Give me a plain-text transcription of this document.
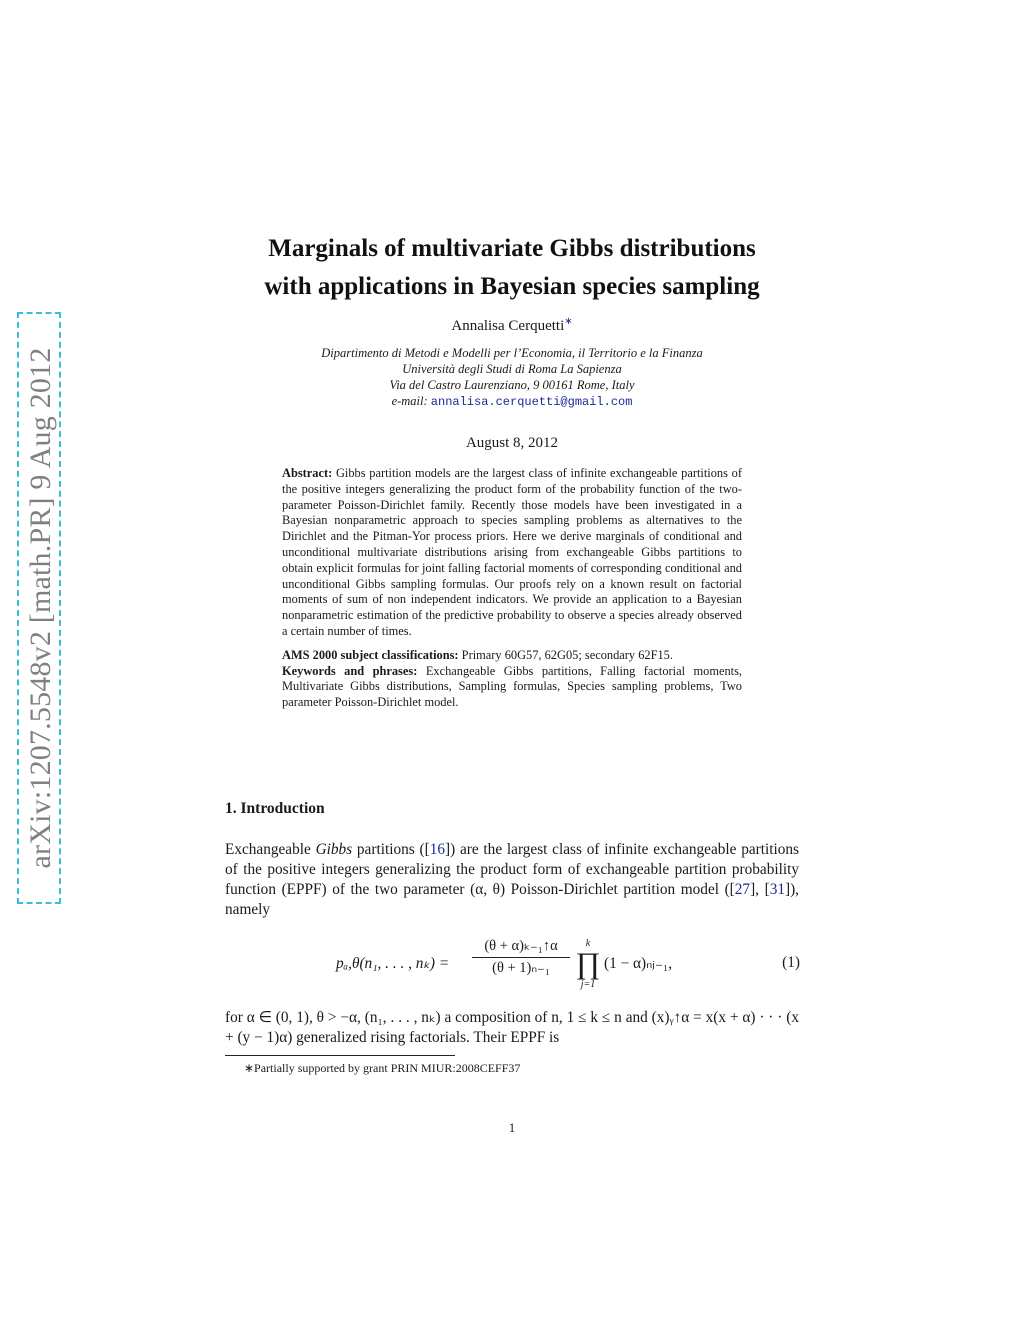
arXiv:1207.5548v2 [math.PR] 9 Aug 2012
Marginals of multivariate Gibbs distributions
with applications in Bayesian species sampling
Annalisa Cerquetti∗
Dipartimento di Metodi e Modelli per l’Economia, il Territorio e la Finanza
Università degli Studi di Roma La Sapienza
Via del Castro Laurenziano, 9 00161 Rome, Italy
e-mail: annalisa.cerquetti@gmail.com
August 8, 2012
Abstract: Gibbs partition models are the largest class of infinite exchangeable partitions of the positive integers generalizing the product form of the probability function of the two-parameter Poisson-Dirichlet family. Recently those models have been investigated in a Bayesian nonparametric approach to species sampling problems as alternatives to the Dirichlet and the Pitman-Yor process priors. Here we derive marginals of conditional and unconditional multivariate distributions arising from exchangeable Gibbs partitions to obtain explicit formulas for joint falling factorial moments of corresponding conditional and unconditional Gibbs sampling formulas. Our proofs rely on a known result on factorial moments of sum of non independent indicators. We provide an application to a Bayesian nonparametric estimation of the predictive probability to observe a species already observed a certain number of times.
AMS 2000 subject classifications: Primary 60G57, 62G05; secondary 62F15.
Keywords and phrases: Exchangeable Gibbs partitions, Falling factorial moments, Multivariate Gibbs distributions, Sampling formulas, Species sampling problems, Two parameter Poisson-Dirichlet model.
1. Introduction
Exchangeable Gibbs partitions ([16]) are the largest class of infinite exchangeable partitions of the positive integers generalizing the product form of exchangeable partition probability function (EPPF) of the two parameter (α, θ) Poisson-Dirichlet partition model ([27], [31]), namely
pₐ,θ(n₁, . . . , $n_k) = \frac{\text{(θ + α)ₖ₋₁↑α}}{\text{(θ + 1)ₙ₋₁}}$	k
∏
j=1
(1 − α)ₙⱼ₋₁,	(1)
for α ∈ (0, 1), θ > −α, (n₁, . . . , nₖ) a composition of n, 1 ≤ k ≤ n and (x)ᵧ↑α = x(x + α) · · · (x + (y − 1)α) generalized rising factorials. Their EPPF is
∗Partially supported by grant PRIN MIUR:2008CEFF37
1
